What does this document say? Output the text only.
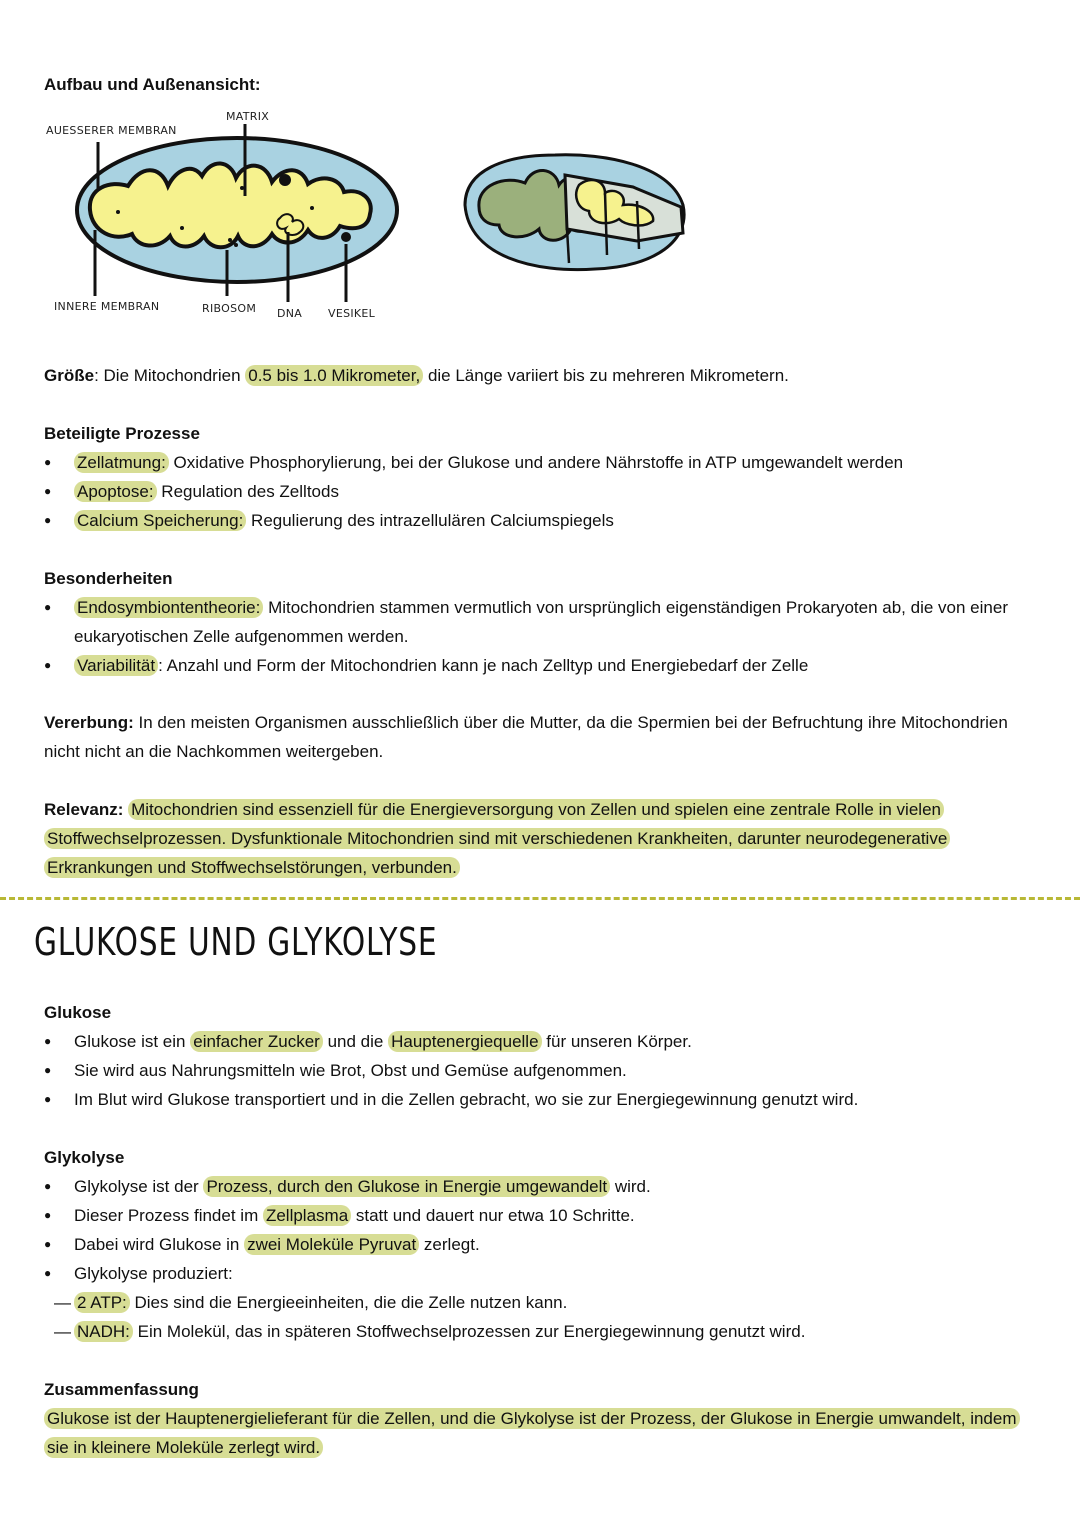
Aufbau und Außenansicht:
AUESSERER MEMBRAN
MATRIX
INNERE MEMBRAN	RIBOSOM DNA VESIKEL
Größe: Die Mitochondrien 0.5 bis 1.0 Mikrometer, die Länge variiert bis zu mehreren Mikrometern.
Beteiligte Prozesse
● Zellatmung: Oxidative Phosphorylierung, bei der Glukose und andere Nährstoffe in ATP umgewandelt werden
● Apoptose: Regulation des Zelltods
● Calcium Speicherung: Regulierung des intrazellulären Calciumspiegels
Besonderheiten
● Endosymbiontentheorie: Mitochondrien stammen vermutlich von ursprünglich eigenständigen Prokaryoten ab, die von einer eukaryotischen Zelle aufgenommen werden.
● Variabilität : Anzahl und Form der Mitochondrien kann je nach Zelltyp und Energiebedarf der Zelle
Vererbung: In den meisten Organismen ausschließlich über die Mutter, da die Spermien bei der Befruchtung ihre Mitochondrien nicht nicht an die Nachkommen weitergeben.
Relevanz: Mitochondrien sind essenziell für die Energieversorgung von Zellen und spielen eine zentrale Rolle in vielen Stoffwechselprozessen. Dysfunktionale Mitochondrien sind mit verschiedenen Krankheiten, darunter neurodegenerative Erkrankungen und Stoffwechselstörungen, verbunden.
GLUKOSE UND GLYKOLYSE
Glukose
● Glukose ist ein einfacher Zucker und die Hauptenergiequelle für unseren Körper.
● Sie wird aus Nahrungsmitteln wie Brot, Obst und Gemüse aufgenommen.
● Im Blut wird Glukose transportiert und in die Zellen gebracht, wo sie zur Energiegewinnung genutzt wird.
Glykolyse
● Glykolyse ist der Prozess, durch den Glukose in Energie umgewandelt wird.
● Dieser Prozess findet im Zellplasma statt und dauert nur etwa 10 Schritte.
● Dabei wird Glukose in zwei Moleküle Pyruvat zerlegt.
● Glykolyse produziert:
— 2 ATP: Dies sind die Energieeinheiten, die die Zelle nutzen kann.
— NADH: Ein Molekül, das in späteren Stoffwechselprozessen zur Energiegewinnung genutzt wird.
Zusammenfassung
Glukose ist der Hauptenergielieferant für die Zellen, und die Glykolyse ist der Prozess, der Glukose in Energie umwandelt, indem sie in kleinere Moleküle zerlegt wird.
